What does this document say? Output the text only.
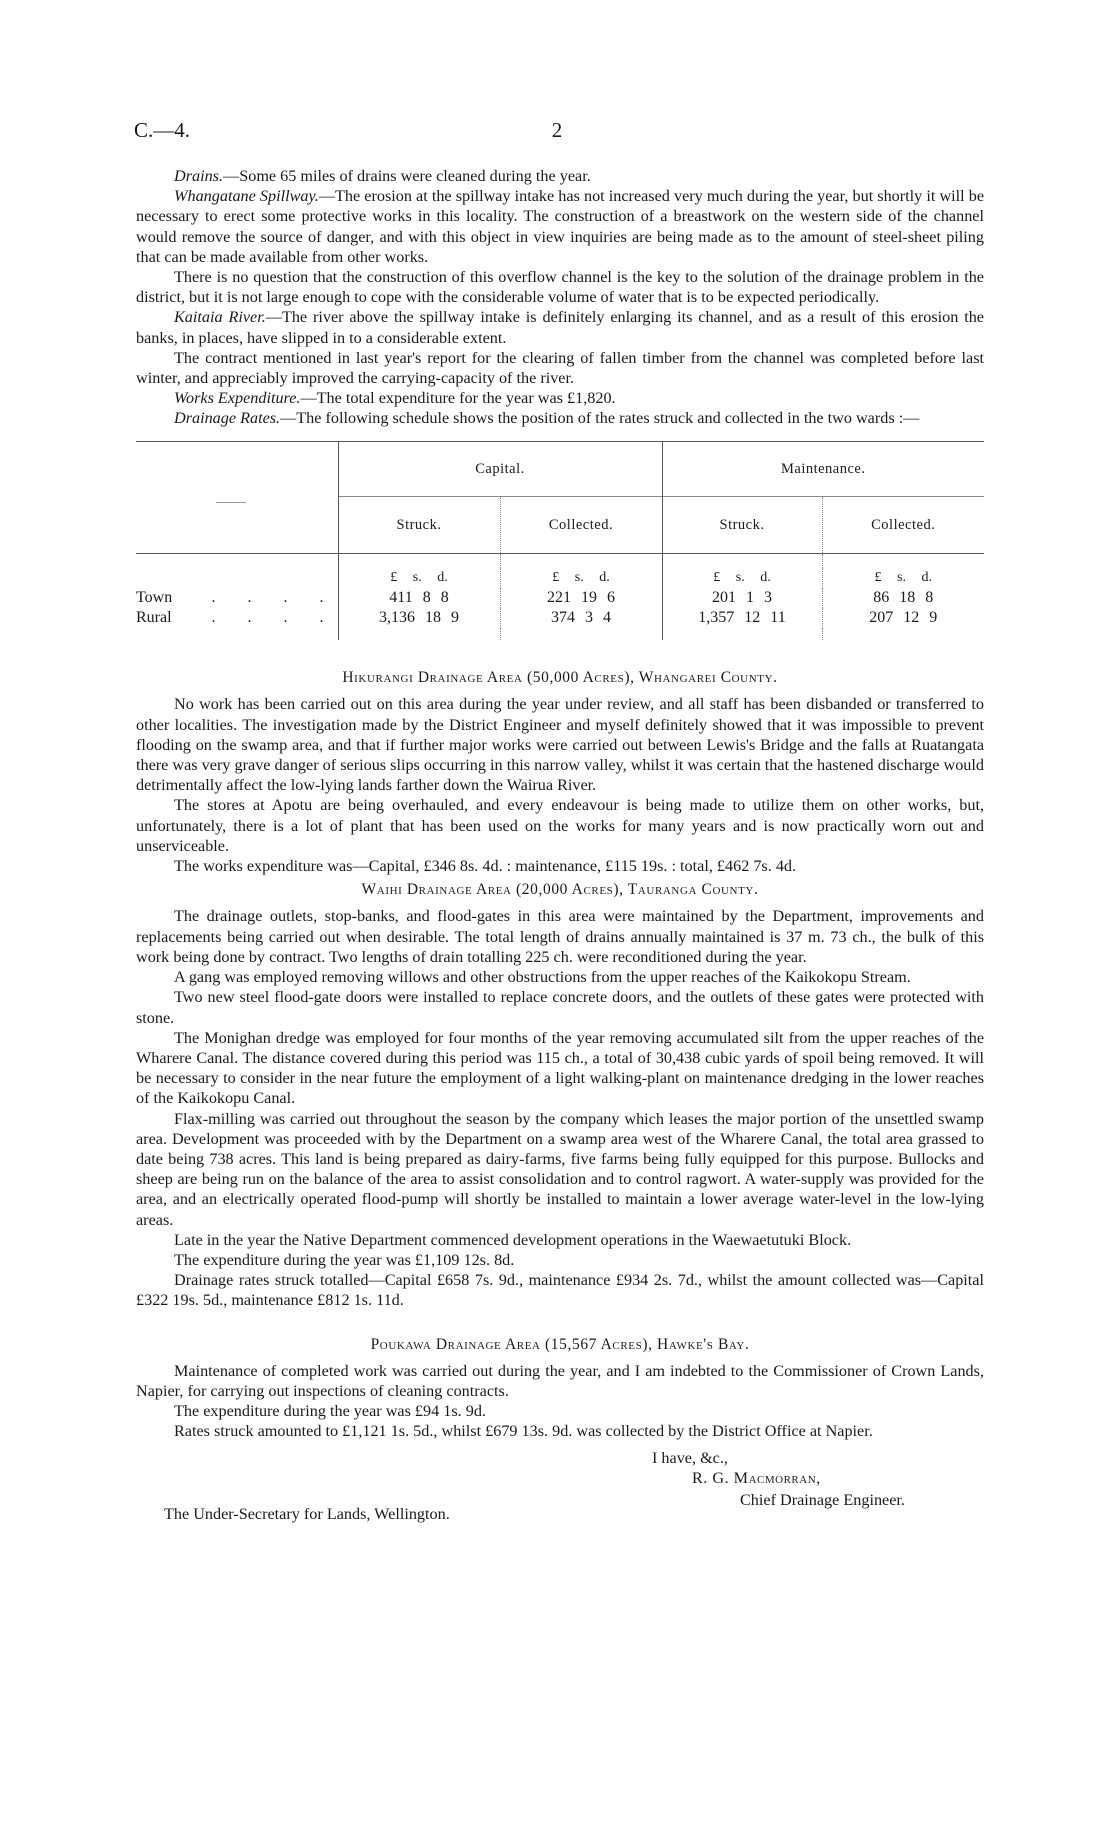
C.—4.	2

Drains.—Some 65 miles of drains were cleaned during the year.

Whangatane Spillway.—The erosion at the spillway intake has not increased very much during the year, but shortly it will be necessary to erect some protective works in this locality. The construction of a breastwork on the western side of the channel would remove the source of danger, and with this object in view inquiries are being made as to the amount of steel-sheet piling that can be made available from other works.

There is no question that the construction of this overflow channel is the key to the solution of the drainage problem in the district, but it is not large enough to cope with the considerable volume of water that is to be expected periodically.

Kaitaia River.—The river above the spillway intake is definitely enlarging its channel, and as a result of this erosion the banks, in places, have slipped in to a considerable extent.

The contract mentioned in last year's report for the clearing of fallen timber from the channel was completed before last winter, and appreciably improved the carrying-capacity of the river.

Works Expenditure.—The total expenditure for the year was £1,820.

Drainage Rates.—The following schedule shows the position of the rates struck and collected in the two wards :—

	Capital.		Maintenance.	
	Struck.	Collected.	Struck.	Collected.

	£ s. d.	£ s. d.	£ s. d.	£ s. d.
Town . . . .	411 8 8	221 19 6	201 1 3	86 18 8
Rural . . . .	3,136 18 9	374 3 4	1,357 12 11	207 12 9

Hikurangi Drainage Area (50,000 Acres), Whangarei County.

No work has been carried out on this area during the year under review, and all staff has been disbanded or transferred to other localities. The investigation made by the District Engineer and myself definitely showed that it was impossible to prevent flooding on the swamp area, and that if further major works were carried out between Lewis's Bridge and the falls at Ruatangata there was very grave danger of serious slips occurring in this narrow valley, whilst it was certain that the hastened discharge would detrimentally affect the low-lying lands farther down the Wairua River.

The stores at Apotu are being overhauled, and every endeavour is being made to utilize them on other works, but, unfortunately, there is a lot of plant that has been used on the works for many years and is now practically worn out and unserviceable.

The works expenditure was—Capital, £346 8s. 4d. : maintenance, £115 19s. : total, £462 7s. 4d.

Waihi Drainage Area (20,000 Acres), Tauranga County.

The drainage outlets, stop-banks, and flood-gates in this area were maintained by the Department, improvements and replacements being carried out when desirable. The total length of drains annually maintained is 37 m. 73 ch., the bulk of this work being done by contract. Two lengths of drain totalling 225 ch. were reconditioned during the year.

A gang was employed removing willows and other obstructions from the upper reaches of the Kaikokopu Stream.

Two new steel flood-gate doors were installed to replace concrete doors, and the outlets of these gates were protected with stone.

The Monighan dredge was employed for four months of the year removing accumulated silt from the upper reaches of the Wharere Canal. The distance covered during this period was 115 ch., a total of 30,438 cubic yards of spoil being removed. It will be necessary to consider in the near future the employment of a light walking-plant on maintenance dredging in the lower reaches of the Kaikokopu Canal.

Flax-milling was carried out throughout the season by the company which leases the major portion of the unsettled swamp area. Development was proceeded with by the Department on a swamp area west of the Wharere Canal, the total area grassed to date being 738 acres. This land is being prepared as dairy-farms, five farms being fully equipped for this purpose. Bullocks and sheep are being run on the balance of the area to assist consolidation and to control ragwort. A water-supply was provided for the area, and an electrically operated flood-pump will shortly be installed to maintain a lower average water-level in the low-lying areas.

Late in the year the Native Department commenced development operations in the Waewaetutuki Block.

The expenditure during the year was £1,109 12s. 8d.

Drainage rates struck totalled—Capital £658 7s. 9d., maintenance £934 2s. 7d., whilst the amount collected was—Capital £322 19s. 5d., maintenance £812 1s. 11d.

Poukawa Drainage Area (15,567 Acres), Hawke's Bay.

Maintenance of completed work was carried out during the year, and I am indebted to the Commissioner of Crown Lands, Napier, for carrying out inspections of cleaning contracts.

The expenditure during the year was £94 1s. 9d.

Rates struck amounted to £1,121 1s. 5d., whilst £679 13s. 9d. was collected by the District Office at Napier.

I have, &c.,
R. G. Macmorran,
Chief Drainage Engineer.
The Under-Secretary for Lands, Wellington.
